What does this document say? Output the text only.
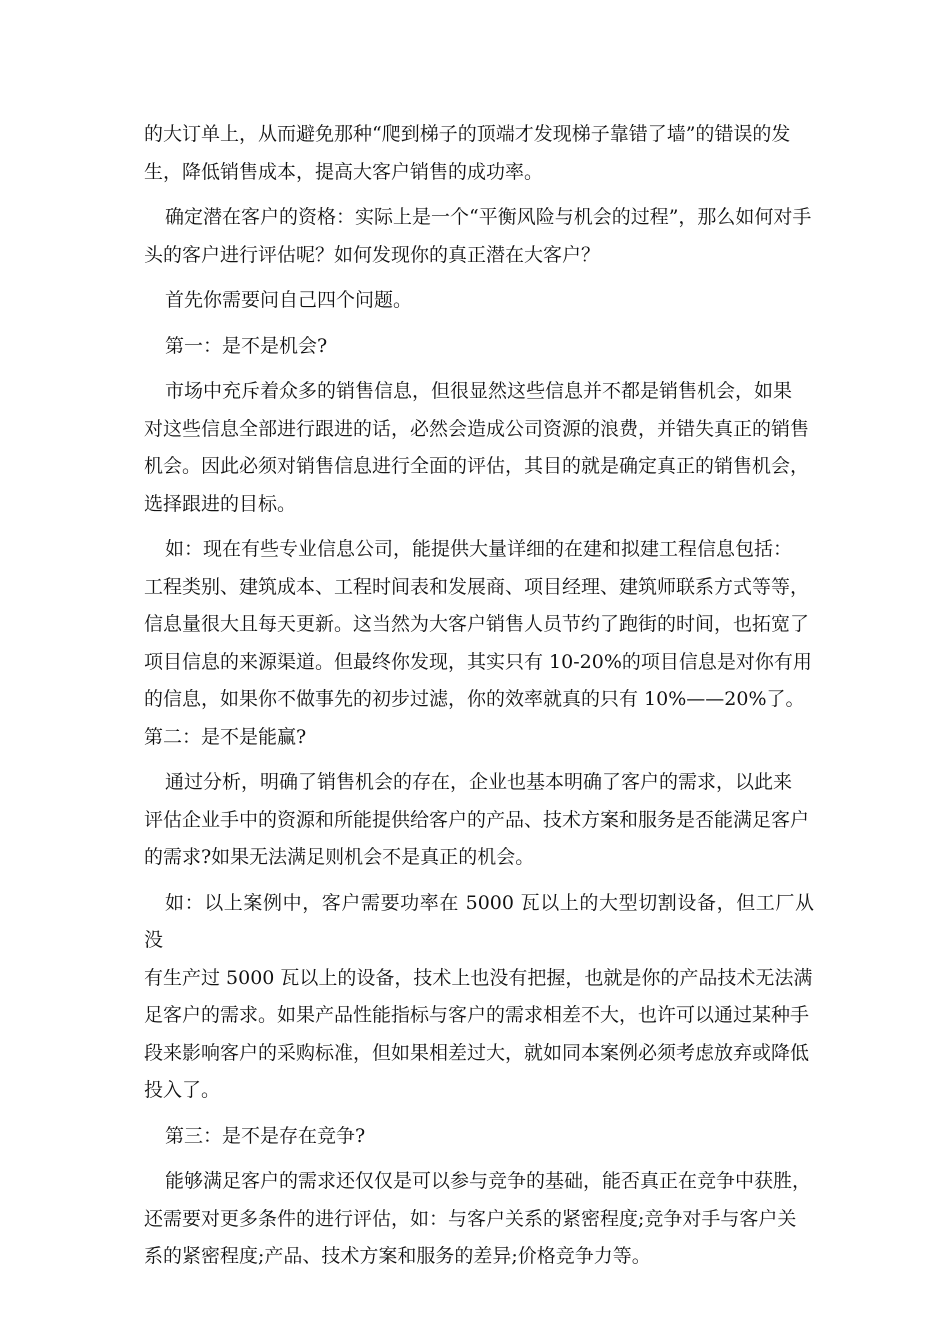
的大订单上，从而避免那种“爬到梯子的顶端才发现梯子靠错了墙”的错误的发
生，降低销售成本，提高大客户销售的成功率。

确定潜在客户的资格：实际上是一个“平衡风险与机会的过程”，那么如何对手
头的客户进行评估呢？如何发现你的真正潜在大客户？

首先你需要问自己四个问题。

第一：是不是机会?

市场中充斥着众多的销售信息，但很显然这些信息并不都是销售机会，如果
对这些信息全部进行跟进的话，必然会造成公司资源的浪费，并错失真正的销售
机会。因此必须对销售信息进行全面的评估，其目的就是确定真正的销售机会，
选择跟进的目标。

如：现在有些专业信息公司，能提供大量详细的在建和拟建工程信息包括：
工程类别、建筑成本、工程时间表和发展商、项目经理、建筑师联系方式等等，
信息量很大且每天更新。这当然为大客户销售人员节约了跑街的时间，也拓宽了
项目信息的来源渠道。但最终你发现，其实只有 10-20%的项目信息是对你有用
的信息，如果你不做事先的初步过滤，你的效率就真的只有 10%——20%了。
第二：是不是能赢?

通过分析，明确了销售机会的存在，企业也基本明确了客户的需求，以此来
评估企业手中的资源和所能提供给客户的产品、技术方案和服务是否能满足客户
的需求?如果无法满足则机会不是真正的机会。

如：以上案例中，客户需要功率在 5000 瓦以上的大型切割设备，但工厂从没
有生产过 5000 瓦以上的设备，技术上也没有把握，也就是你的产品技术无法满
足客户的需求。如果产品性能指标与客户的需求相差不大，也许可以通过某种手
段来影响客户的采购标准，但如果相差过大，就如同本案例必须考虑放弃或降低
投入了。

第三：是不是存在竞争?

能够满足客户的需求还仅仅是可以参与竞争的基础，能否真正在竞争中获胜，
还需要对更多条件的进行评估，如：与客户关系的紧密程度;竞争对手与客户关
系的紧密程度;产品、技术方案和服务的差异;价格竞争力等。
